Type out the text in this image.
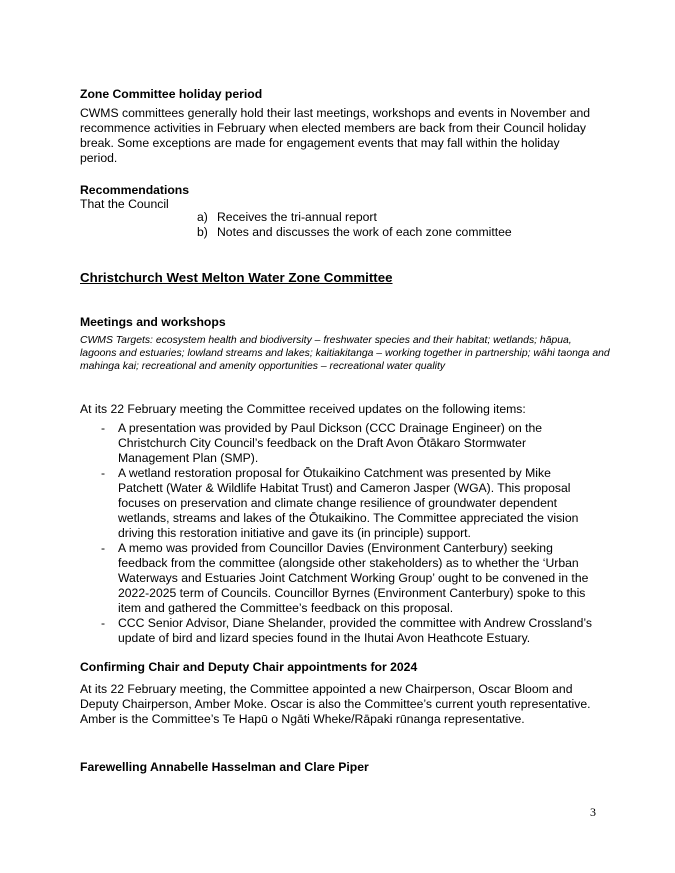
Zone Committee holiday period
CWMS committees generally hold their last meetings, workshops and events in November and recommence activities in February when elected members are back from their Council holiday break. Some exceptions are made for engagement events that may fall within the holiday period.
Recommendations
That the Council
a) Receives the tri-annual report
b) Notes and discusses the work of each zone committee
Christchurch West Melton Water Zone Committee
Meetings and workshops
CWMS Targets: ecosystem health and biodiversity – freshwater species and their habitat; wetlands; hāpua, lagoons and estuaries; lowland streams and lakes; kaitiakitanga – working together in partnership; wāhi taonga and mahinga kai; recreational and amenity opportunities – recreational water quality
At its 22 February meeting the Committee received updates on the following items:
-	A presentation was provided by Paul Dickson (CCC Drainage Engineer) on the Christchurch City Council’s feedback on the Draft Avon Ōtākaro Stormwater Management Plan (SMP).
-	A wetland restoration proposal for Ōtukaikino Catchment was presented by Mike Patchett (Water & Wildlife Habitat Trust) and Cameron Jasper (WGA). This proposal focuses on preservation and climate change resilience of groundwater dependent wetlands, streams and lakes of the Ōtukaikino. The Committee appreciated the vision driving this restoration initiative and gave its (in principle) support.
-	A memo was provided from Councillor Davies (Environment Canterbury) seeking feedback from the committee (alongside other stakeholders) as to whether the ‘Urban Waterways and Estuaries Joint Catchment Working Group’ ought to be convened in the 2022-2025 term of Councils. Councillor Byrnes (Environment Canterbury) spoke to this item and gathered the Committee’s feedback on this proposal.
-	CCC Senior Advisor, Diane Shelander, provided the committee with Andrew Crossland’s update of bird and lizard species found in the Ihutai Avon Heathcote Estuary.
Confirming Chair and Deputy Chair appointments for 2024
At its 22 February meeting, the Committee appointed a new Chairperson, Oscar Bloom and Deputy Chairperson, Amber Moke. Oscar is also the Committee’s current youth representative. Amber is the Committee’s Te Hapū o Ngāti Wheke/Rāpaki rūnanga representative.
Farewelling Annabelle Hasselman and Clare Piper
3
